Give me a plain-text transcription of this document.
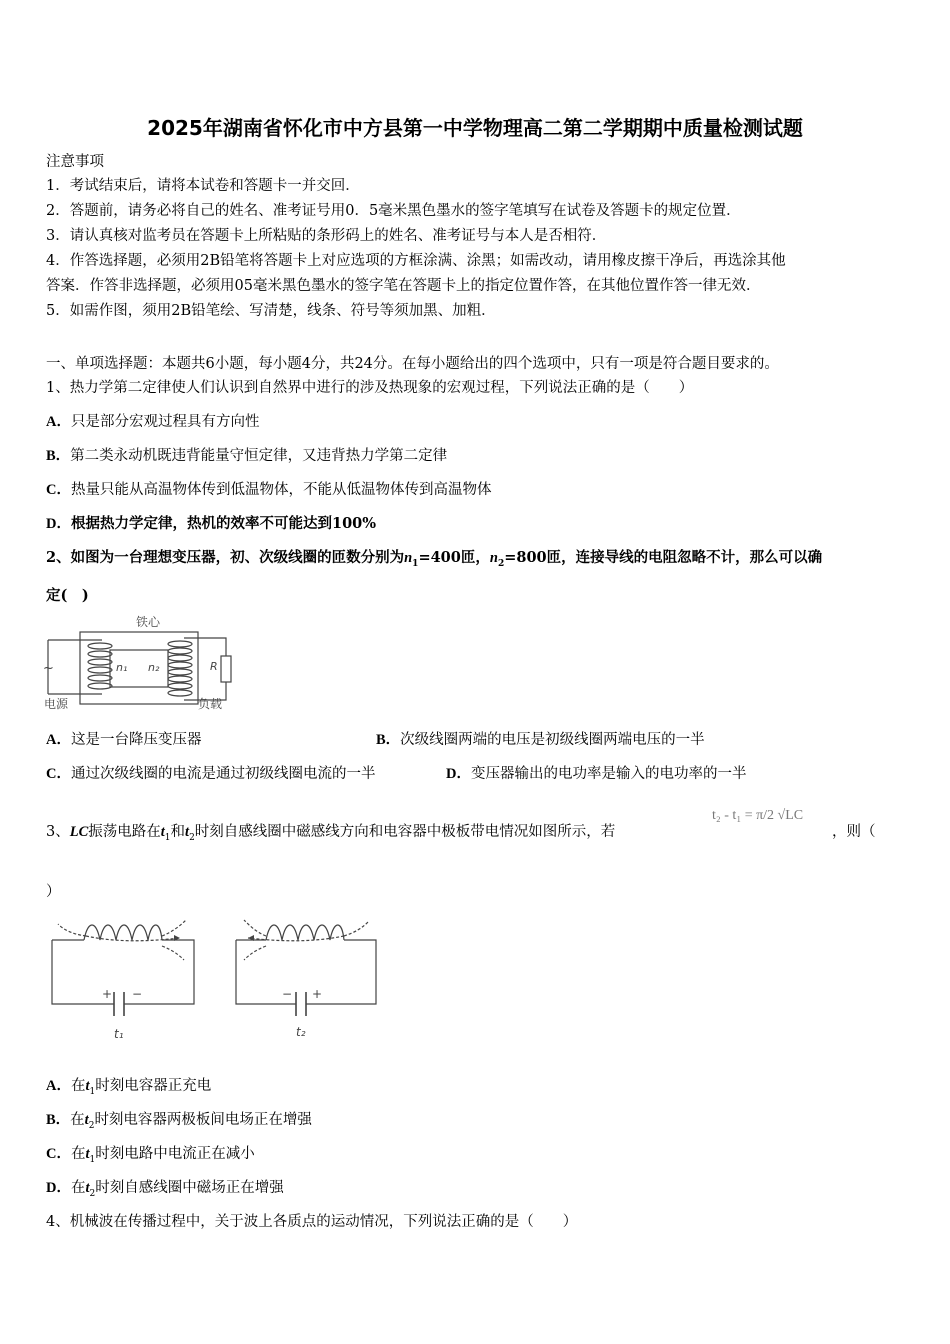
2025年湖南省怀化市中方县第一中学物理高二第二学期期中质量检测试题
注意事项
1．考试结束后，请将本试卷和答题卡一并交回．
2．答题前，请务必将自己的姓名、准考证号用0．5毫米黑色墨水的签字笔填写在试卷及答题卡的规定位置．
3．请认真核对监考员在答题卡上所粘贴的条形码上的姓名、准考证号与本人是否相符．
4．作答选择题，必须用2B铅笔将答题卡上对应选项的方框涂满、涂黑；如需改动，请用橡皮擦干净后，再选涂其他
答案．作答非选择题，必须用05毫米黑色墨水的签字笔在答题卡上的指定位置作答，在其他位置作答一律无效．
5．如需作图，须用2B铅笔绘、写清楚，线条、符号等须加黑、加粗．
一、单项选择题：本题共6小题，每小题4分，共24分。在每小题给出的四个选项中，只有一项是符合题目要求的。
1、热力学第二定律使人们认识到自然界中进行的涉及热现象的宏观过程，下列说法正确的是（　　）
A．只是部分宏观过程具有方向性
B．第二类永动机既违背能量守恒定律，又违背热力学第二定律
C．热量只能从高温物体传到低温物体，不能从低温物体传到高温物体
D．根据热力学定律，热机的效率不可能达到100%
2、如图为一台理想变压器，初、次级线圈的匝数分别为$n_1=400$匝，$n_2=800$匝，连接导线的电阻忽略不计，那么可以确
定(　)
铁心
~	n₁ n₂	R
电源	负载
A．这是一台降压变压器	B．次级线圈两端的电压是初级线圈两端电压的一半
C．通过次级线圈的电流是通过初级线圈电流的一半	D．变压器输出的电功率是输入的电功率的一半
3、LC振荡电路在$t_1$和$t_2$时刻自感线圈中磁感线方向和电容器中极板带电情况如图所示，若
t₂ - t₁ = π/2 √LC
，则（
）
+ −	− +
t₁	t₂
A．在$t_1$时刻电容器正充电
B．在$t_2$时刻电容器两极板间电场正在增强
C．在$t_1$时刻电路中电流正在减小
D．在$t_2$时刻自感线圈中磁场正在增强
4、机械波在传播过程中，关于波上各质点的运动情况，下列说法正确的是（　　）
